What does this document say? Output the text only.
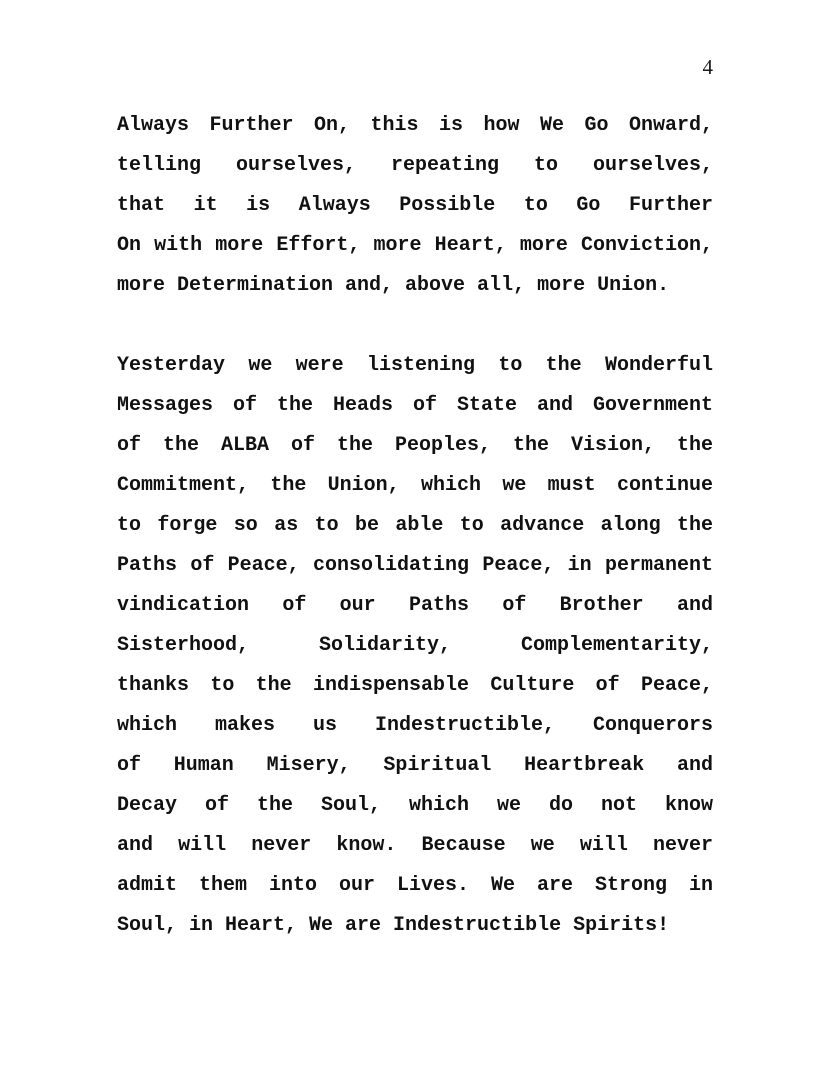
4
Always Further On, this is how We Go Onward,
telling ourselves, repeating to ourselves,
that it is Always Possible to Go Further
On with more Effort, more Heart, more Conviction,
more Determination and, above all, more Union.
Yesterday we were listening to the Wonderful
Messages of the Heads of State and Government
of the ALBA of the Peoples, the Vision, the
Commitment, the Union, which we must continue
to forge so as to be able to advance along the
Paths of Peace, consolidating Peace, in permanent
vindication of our Paths of Brother and
Sisterhood, Solidarity, Complementarity,
thanks to the indispensable Culture of Peace,
which makes us Indestructible, Conquerors
of Human Misery, Spiritual Heartbreak and
Decay of the Soul, which we do not know
and will never know. Because we will never
admit them into our Lives. We are Strong in
Soul, in Heart, We are Indestructible Spirits!
